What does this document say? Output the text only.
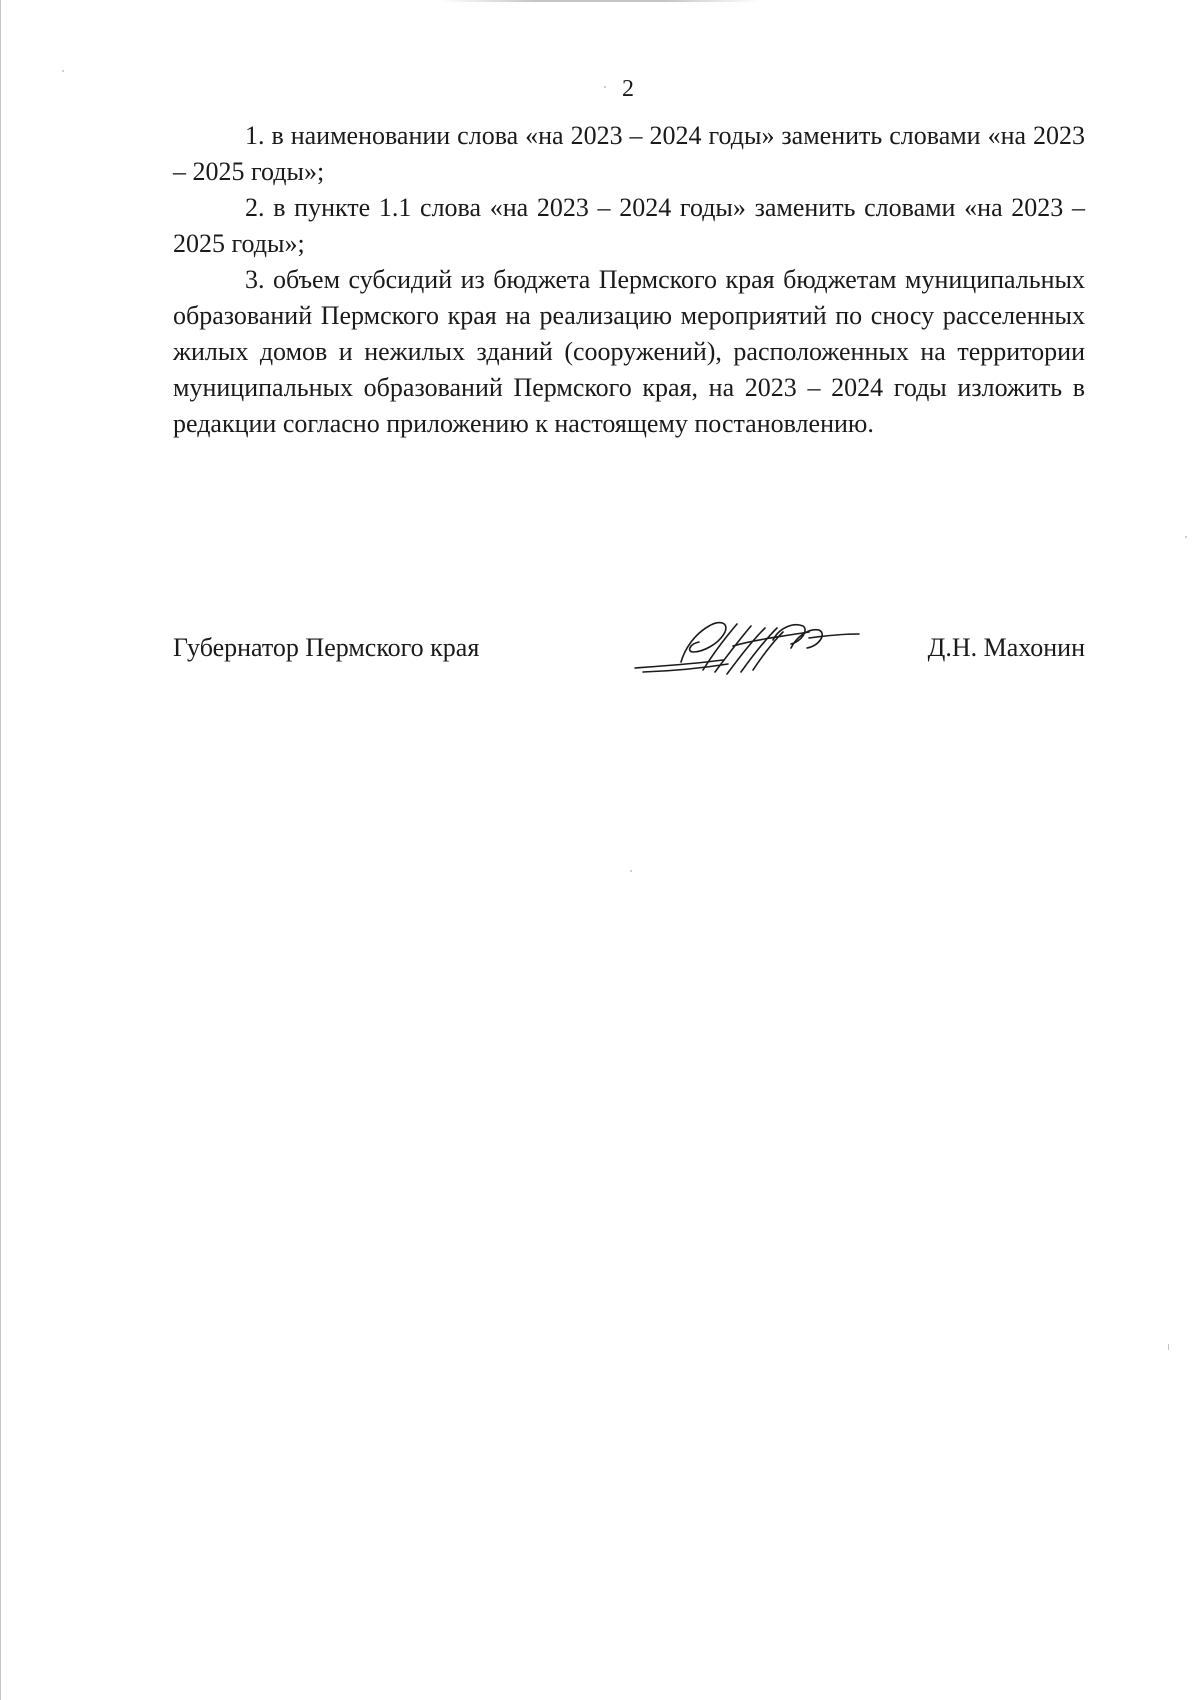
2

1. в наименовании слова «на 2023 – 2024 годы» заменить словами «на 2023 – 2025 годы»;

2. в пункте 1.1 слова «на 2023 – 2024 годы» заменить словами «на 2023 – 2025 годы»;

3. объем субсидий из бюджета Пермского края бюджетам муниципальных образований Пермского края на реализацию мероприятий по сносу расселенных жилых домов и нежилых зданий (сооружений), расположенных на территории муниципальных образований Пермского края, на 2023 – 2024 годы изложить в редакции согласно приложению к настоящему постановлению.

Губернатор Пермского края	Д.Н. Махонин
